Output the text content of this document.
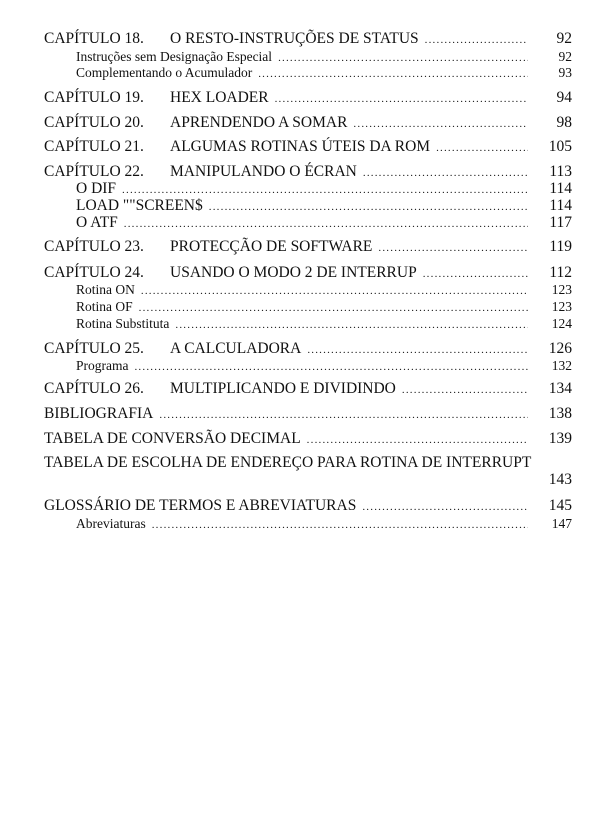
CAPÍTULO 18.	O RESTO-INSTRUÇÕES DE STATUS .....	92
Instruções sem Designação Especial .....	92
Complementando o Acumulador .....	93
CAPÍTULO 19.	HEX LOADER .....	94
CAPÍTULO 20.	APRENDENDO A SOMAR .....	98
CAPÍTULO 21.	ALGUMAS ROTINAS ÚTEIS DA ROM .....	105
CAPÍTULO 22.	MANIPULANDO O ÉCRAN .....	113
O DIF .....	114
LOAD ""SCREEN$ .....	114
O ATF .....	117
CAPÍTULO 23.	PROTECÇÃO DE SOFTWARE .....	119
CAPÍTULO 24.	USANDO O MODO 2 DE INTERRUP .....	112
Rotina ON .....	123
Rotina OF .....	123
Rotina Substituta .....	124
CAPÍTULO 25.	A CALCULADORA .....	126
Programa .....	132
CAPÍTULO 26.	MULTIPLICANDO E DIVIDINDO .....	134
BIBLIOGRAFIA .....	138
TABELA DE CONVERSÃO DECIMAL .....	139
TABELA DE ESCOLHA DE ENDEREÇO PARA ROTINA DE INTERRUPT
143
GLOSSÁRIO DE TERMOS E ABREVIATURAS .....	145
Abreviaturas .....	147
